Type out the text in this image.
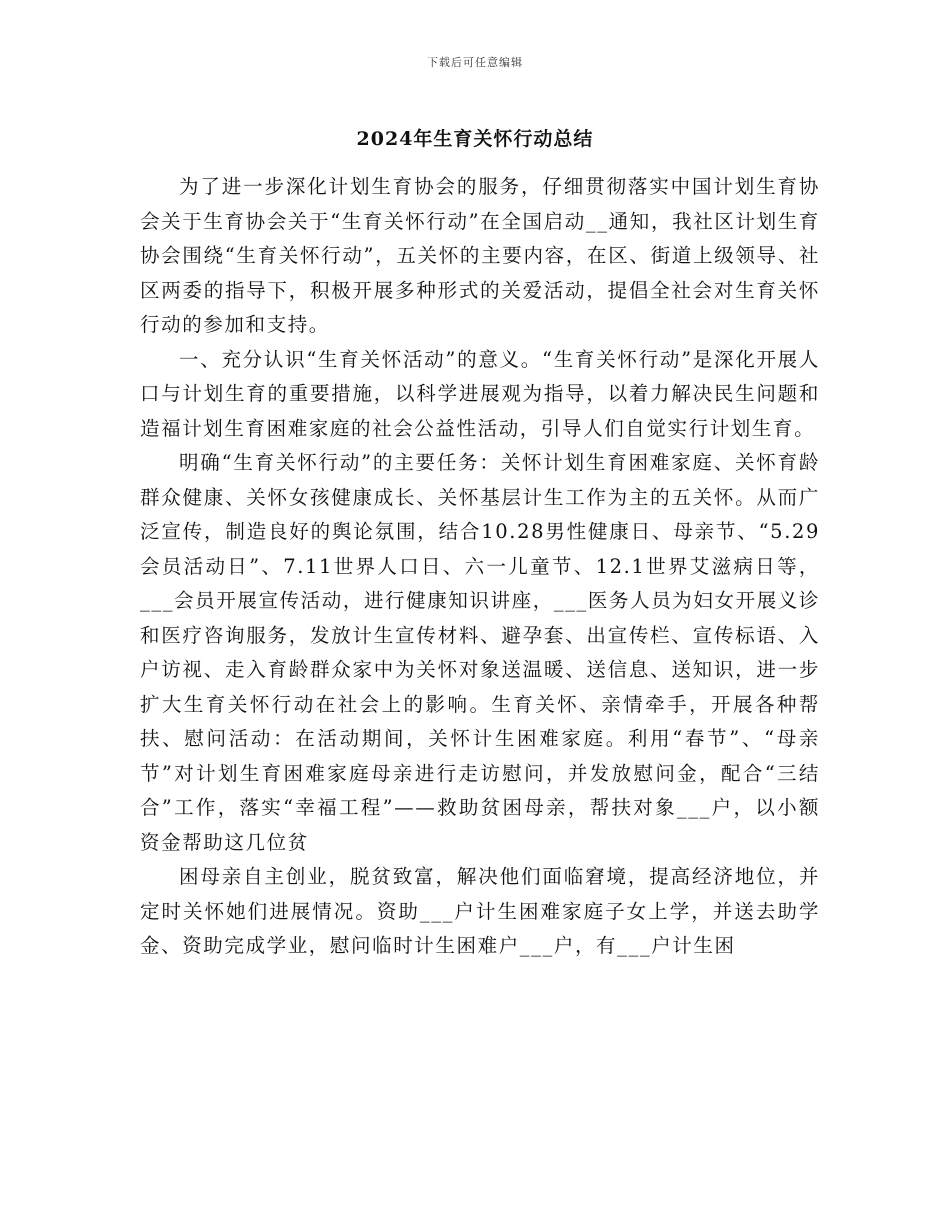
下载后可任意编辑
2024年生育关怀行动总结

为了进一步深化计划生育协会的服务，仔细贯彻落实中国计划生育协会关于生育协会关于“生育关怀行动”在全国启动__通知，我社区计划生育协会围绕“生育关怀行动”，五关怀的主要内容，在区、街道上级领导、社区两委的指导下，积极开展多种形式的关爱活动，提倡全社会对生育关怀行动的参加和支持。

一、充分认识“生育关怀活动”的意义。“生育关怀行动”是深化开展人口与计划生育的重要措施，以科学进展观为指导，以着力解决民生问题和造福计划生育困难家庭的社会公益性活动，引导人们自觉实行计划生育。

明确“生育关怀行动”的主要任务：关怀计划生育困难家庭、关怀育龄群众健康、关怀女孩健康成长、关怀基层计生工作为主的五关怀。从而广泛宣传，制造良好的舆论氛围，结合10.28男性健康日、母亲节、“5.29会员活动日”、7.11世界人口日、六一儿童节、12.1世界艾滋病日等，___会员开展宣传活动，进行健康知识讲座，___医务人员为妇女开展义诊和医疗咨询服务，发放计生宣传材料、避孕套、出宣传栏、宣传标语、入户访视、走入育龄群众家中为关怀对象送温暖、送信息、送知识，进一步扩大生育关怀行动在社会上的影响。生育关怀、亲情牵手，开展各种帮扶、慰问活动：在活动期间，关怀计生困难家庭。利用“春节”、“母亲节”对计划生育困难家庭母亲进行走访慰问，并发放慰问金，配合“三结合”工作，落实“幸福工程”——救助贫困母亲，帮扶对象___户，以小额资金帮助这几位贫

困母亲自主创业，脱贫致富，解决他们面临窘境，提高经济地位，并定时关怀她们进展情况。资助___户计生困难家庭子女上学，并送去助学金、资助完成学业，慰问临时计生困难户___户，有___户计生困
